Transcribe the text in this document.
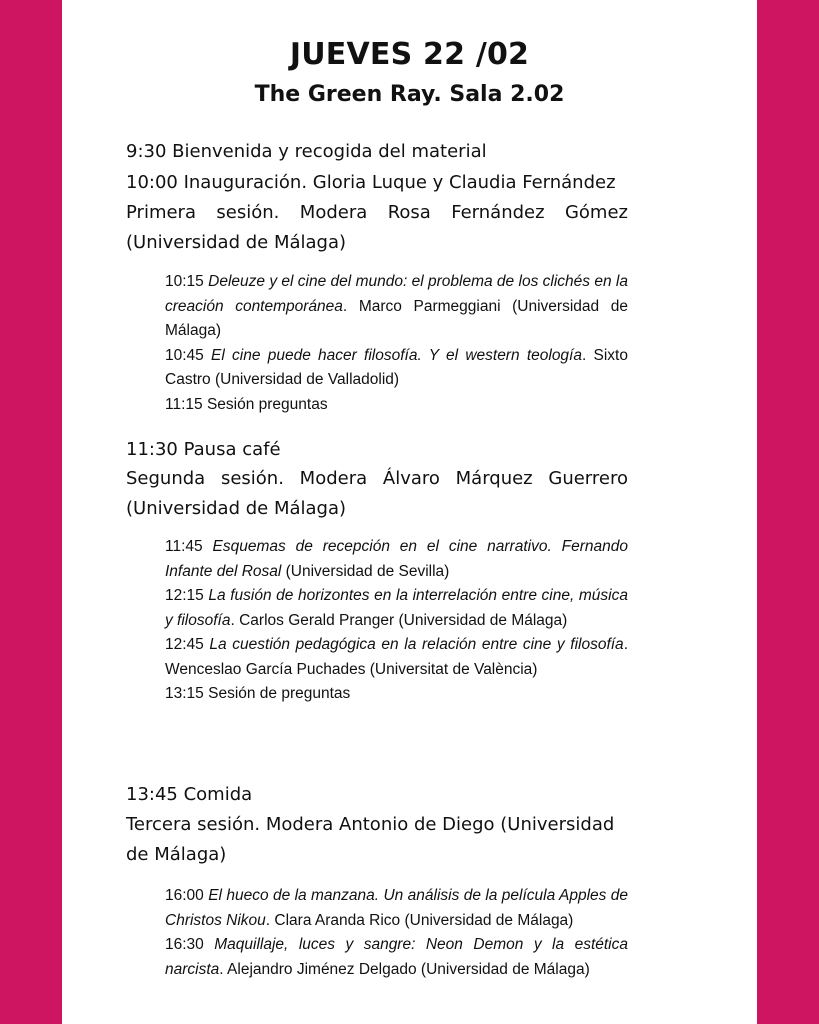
JUEVES 22 /02
The Green Ray. Sala 2.02

9:30 Bienvenida y recogida del material

10:00 Inauguración. Gloria Luque y Claudia Fernández

Primera sesión. Modera Rosa Fernández Gómez (Universidad de Málaga)

10:15 Deleuze y el cine del mundo: el problema de los clichés en la creación contemporánea. Marco Parmeggiani (Universidad de Málaga)

10:45 El cine puede hacer filosofía. Y el western teología. Sixto Castro (Universidad de Valladolid)

11:15 Sesión preguntas

11:30 Pausa café

Segunda sesión. Modera Álvaro Márquez Guerrero (Universidad de Málaga)

11:45 Esquemas de recepción en el cine narrativo. Fernando Infante del Rosal (Universidad de Sevilla)

12:15 La fusión de horizontes en la interrelación entre cine, música y filosofía. Carlos Gerald Pranger (Universidad de Málaga)

12:45 La cuestión pedagógica en la relación entre cine y filosofía. Wenceslao García Puchades (Universitat de València)

13:15 Sesión de preguntas

13:45 Comida

Tercera sesión. Modera Antonio de Diego (Universidad de Málaga)

16:00 El hueco de la manzana. Un análisis de la película Apples de Christos Nikou. Clara Aranda Rico (Universidad de Málaga)

16:30 Maquillaje, luces y sangre: Neon Demon y la estética narcista. Alejandro Jiménez Delgado (Universidad de Málaga)
